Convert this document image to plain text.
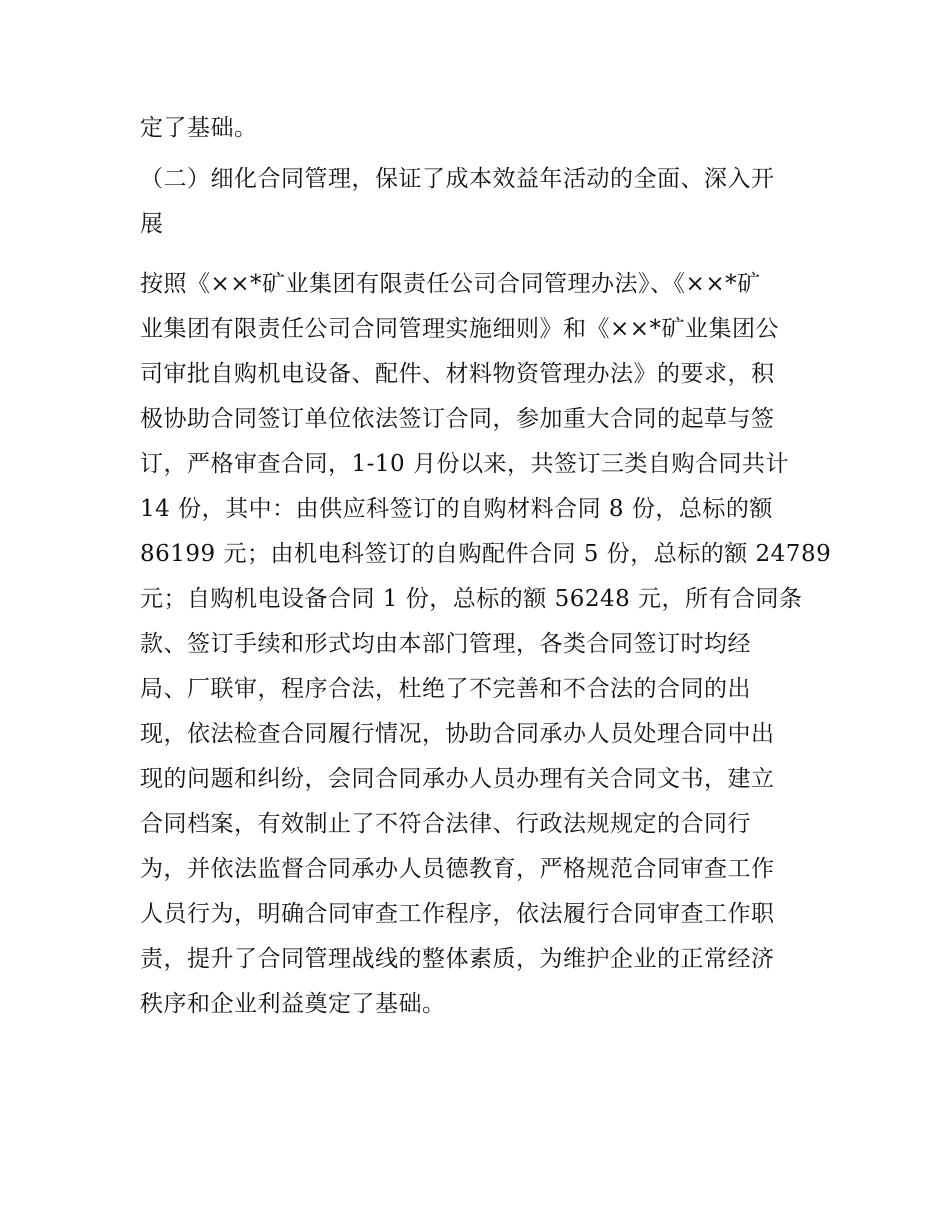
定了基础。
（二）细化合同管理，保证了成本效益年活动的全面、深入开
展
按照《××*矿业集团有限责任公司合同管理办法》、《××*矿
业集团有限责任公司合同管理实施细则》和《××*矿业集团公
司审批自购机电设备、配件、材料物资管理办法》的要求，积
极协助合同签订单位依法签订合同，参加重大合同的起草与签
订，严格审查合同，1-10 月份以来，共签订三类自购合同共计
14 份，其中：由供应科签订的自购材料合同 8 份，总标的额
86199 元；由机电科签订的自购配件合同 5 份，总标的额 24789
元；自购机电设备合同 1 份，总标的额 56248 元，所有合同条
款、签订手续和形式均由本部门管理，各类合同签订时均经
局、厂联审，程序合法，杜绝了不完善和不合法的合同的出
现，依法检查合同履行情况，协助合同承办人员处理合同中出
现的问题和纠纷，会同合同承办人员办理有关合同文书，建立
合同档案，有效制止了不符合法律、行政法规规定的合同行
为，并依法监督合同承办人员德教育，严格规范合同审查工作
人员行为，明确合同审查工作程序，依法履行合同审查工作职
责，提升了合同管理战线的整体素质，为维护企业的正常经济
秩序和企业利益奠定了基础。
